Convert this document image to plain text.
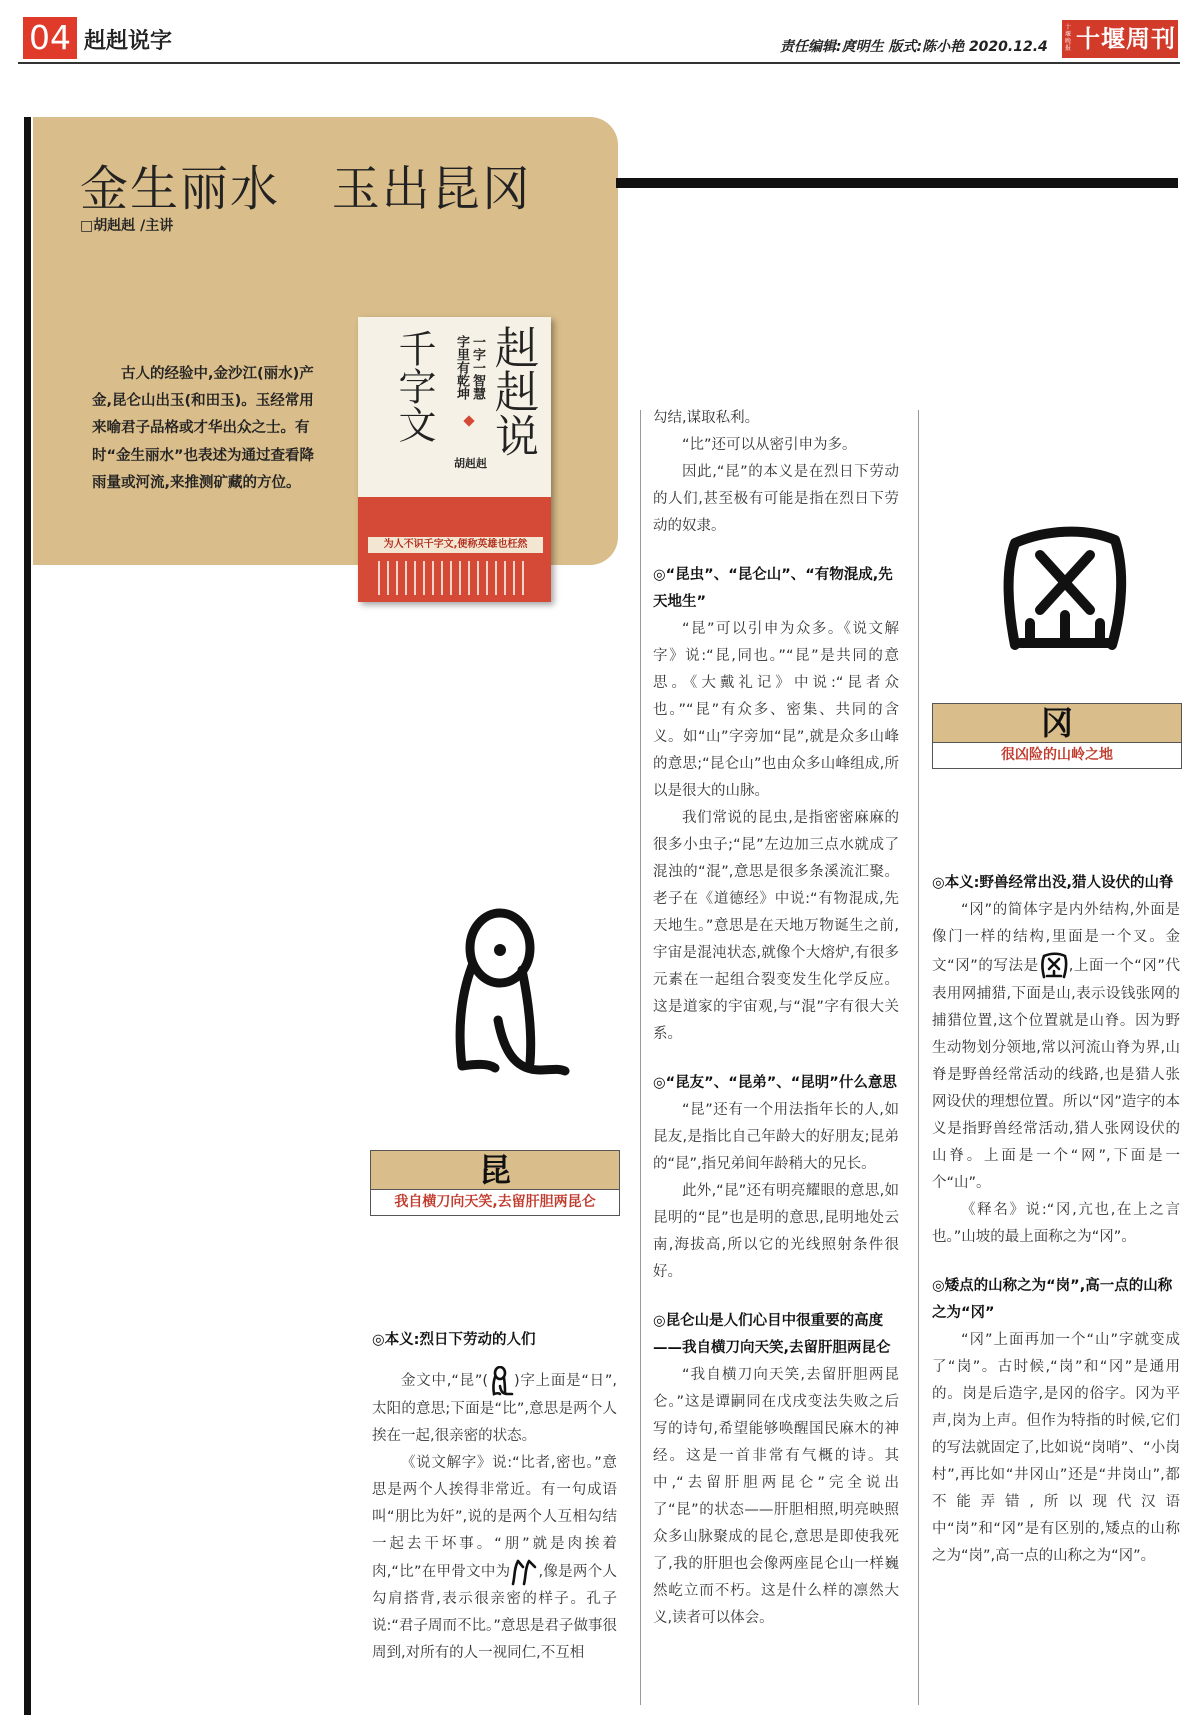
04 赳赳说字	责任编辑:庹明生 版式:陈小艳 2020.12.4
十堰晚报 十堰周刊
金生丽水   玉出昆冈
□胡赳赳 /主讲
古人的经验中,金沙江(丽水)产金,昆仑山出玉(和田玉)。玉经常用来喻君子品格或才华出众之士。有时“金生丽水”也表述为通过查看降雨量或河流,来推测矿藏的方位。
赳赳说
千字文	一字一智慧
字里有乾坤
胡赳赳
为人不识千字文,便称英雄也枉然
昆
我自横刀向天笑,去留肝胆两昆仑
冈
很凶险的山岭之地
◎本义:烈日下劳动的人们

金文中,“昆”( )字上面是“日”,太阳的意思;下面是“比”,意思是两个人挨在一起,很亲密的状态。

《说文解字》说:“比者,密也。”意思是两个人挨得非常近。有一句成语叫“朋比为奸”,说的是两个人互相勾结一起去干坏事。“朋”就是肉挨着肉,“比”在甲骨文中为 ,像是两个人勾肩搭背,表示很亲密的样子。孔子说:“君子周而不比。”意思是君子做事很周到,对所有的人一视同仁,不互相

勾结,谋取私利。

“比”还可以从密引申为多。

因此,“昆”的本义是在烈日下劳动的人们,甚至极有可能是指在烈日下劳动的奴隶。

◎“昆虫”、“昆仑山”、“有物混成,先天地生”

“昆”可以引申为众多。《说文解字》说:“昆,同也。”“昆”是共同的意思。《大戴礼记》中说:“昆者众也。”“昆”有众多、密集、共同的含义。如“山”字旁加“昆”,就是众多山峰的意思;“昆仑山”也由众多山峰组成,所以是很大的山脉。

我们常说的昆虫,是指密密麻麻的很多小虫子;“昆”左边加三点水就成了混浊的“混”,意思是很多条溪流汇聚。老子在《道德经》中说:“有物混成,先天地生。”意思是在天地万物诞生之前,宇宙是混沌状态,就像个大熔炉,有很多元素在一起组合裂变发生化学反应。这是道家的宇宙观,与“混”字有很大关系。

◎“昆友”、“昆弟”、“昆明”什么意思

“昆”还有一个用法指年长的人,如昆友,是指比自己年龄大的好朋友;昆弟的“昆”,指兄弟间年龄稍大的兄长。

此外,“昆”还有明亮耀眼的意思,如昆明的“昆”也是明的意思,昆明地处云南,海拔高,所以它的光线照射条件很好。

◎昆仑山是人们心目中很重要的高度——我自横刀向天笑,去留肝胆两昆仑

“我自横刀向天笑,去留肝胆两昆仑。”这是谭嗣同在戊戌变法失败之后写的诗句,希望能够唤醒国民麻木的神经。这是一首非常有气概的诗。其中,“去留肝胆两昆仑”完全说出了“昆”的状态——肝胆相照,明亮映照众多山脉聚成的昆仑,意思是即使我死了,我的肝胆也会像两座昆仑山一样巍然屹立而不朽。这是什么样的凛然大义,读者可以体会。

◎本义:野兽经常出没,猎人设伏的山脊

“冈”的简体字是内外结构,外面是像门一样的结构,里面是一个叉。金文“冈”的写法是 ,上面一个“冈”代表用网捕猎,下面是山,表示设钱张网的捕猎位置,这个位置就是山脊。因为野生动物划分领地,常以河流山脊为界,山脊是野兽经常活动的线路,也是猎人张网设伏的理想位置。所以“冈”造字的本义是指野兽经常活动,猎人张网设伏的山脊。上面是一个“网”,下面是一个“山”。

《释名》说:“冈,亢也,在上之言也。”山坡的最上面称之为“冈”。

◎矮点的山称之为“岗”,高一点的山称之为“冈”

“冈”上面再加一个“山”字就变成了“岗”。古时候,“岗”和“冈”是通用的。岗是后造字,是冈的俗字。冈为平声,岗为上声。但作为特指的时候,它们的写法就固定了,比如说“岗哨”、“小岗村”,再比如“井冈山”还是“井岗山”,都不能弄错,所以现代汉语中“岗”和“冈”是有区别的,矮点的山称之为“岗”,高一点的山称之为“冈”。
